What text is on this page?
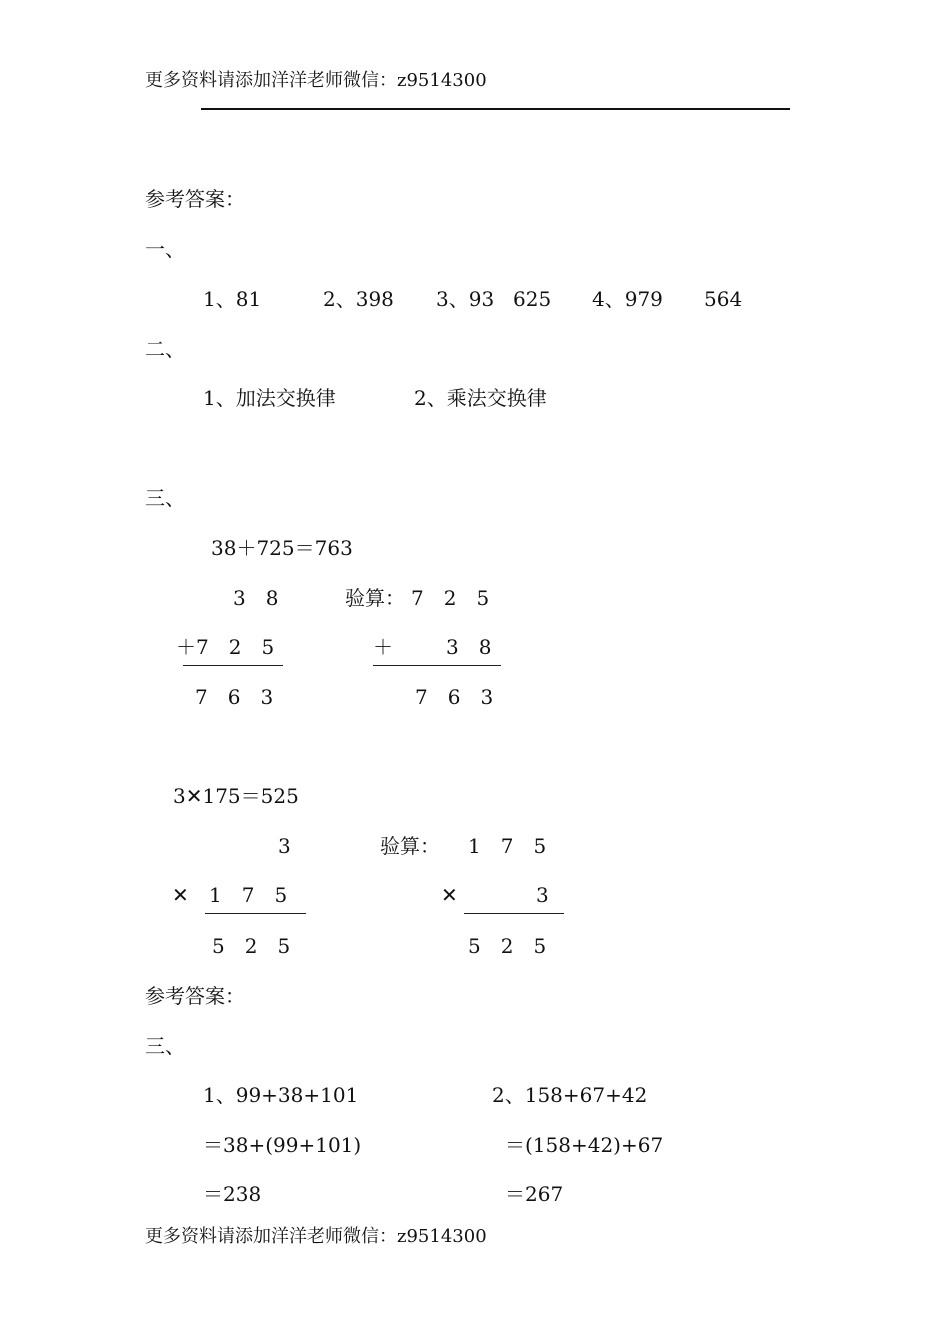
更多资料请添加洋洋老师微信：z9514300
参考答案：
一、
1、81	2、398 3、93 625 4、979 564
二、
1、加法交换律	2、乘法交换律
三、
38＋725＝763
3　8
＋7　2　5
7　6　3
验算： 7　2　5
＋	3　8
7　6　3
3✕175＝525
3
✕ 1　7　5
5　2　5
验算： 1　7　5
✕	3
5　2　5
参考答案：
三、
1、99+38+101
＝38+(99+101)
＝238
2、158+67+42
＝(158+42)+67
＝267
更多资料请添加洋洋老师微信：z9514300
